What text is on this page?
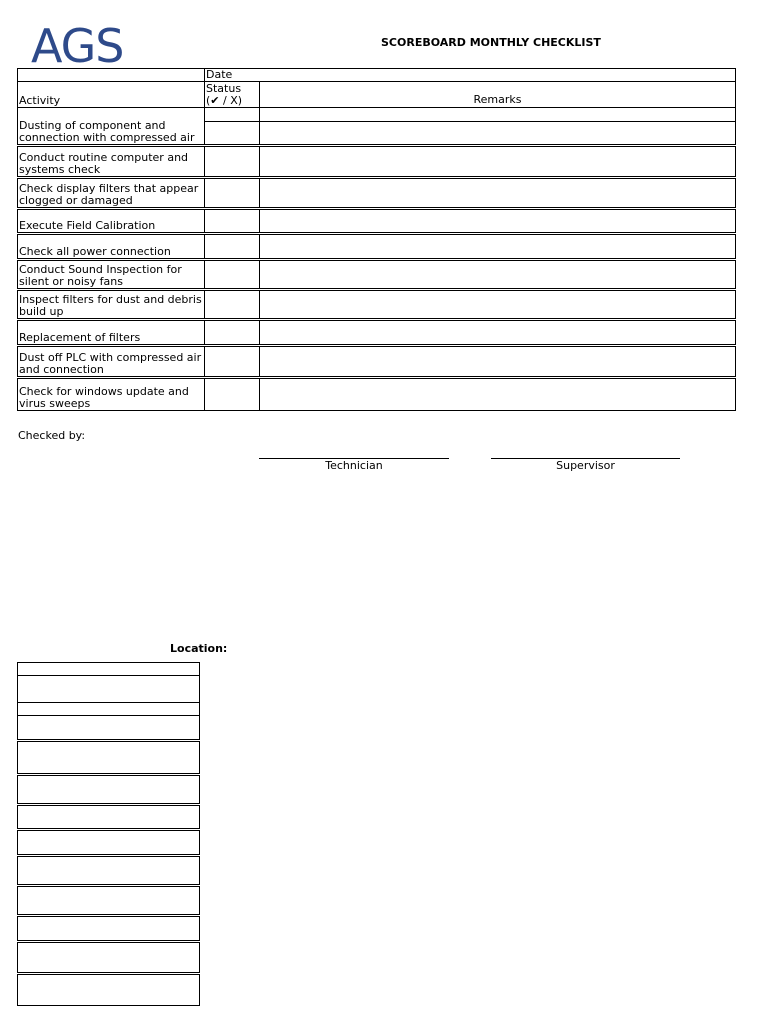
AGS	SCOREBOARD MONTHLY CHECKLIST
	Date	
Activity	Status (✔ / X)	Remarks
Dusting of component and connection with compressed air		

Conduct routine computer and systems check		
Check display filters that appear clogged or damaged		
Execute Field Calibration		
Check all power connection		
Conduct Sound Inspection for silent or noisy fans		
Inspect filters for dust and debris build up		
Replacement of filters		
Dust off PLC with compressed air and connection		
Check for windows update and virus sweeps		
Checked by:
Technician	Supervisor
Location:
